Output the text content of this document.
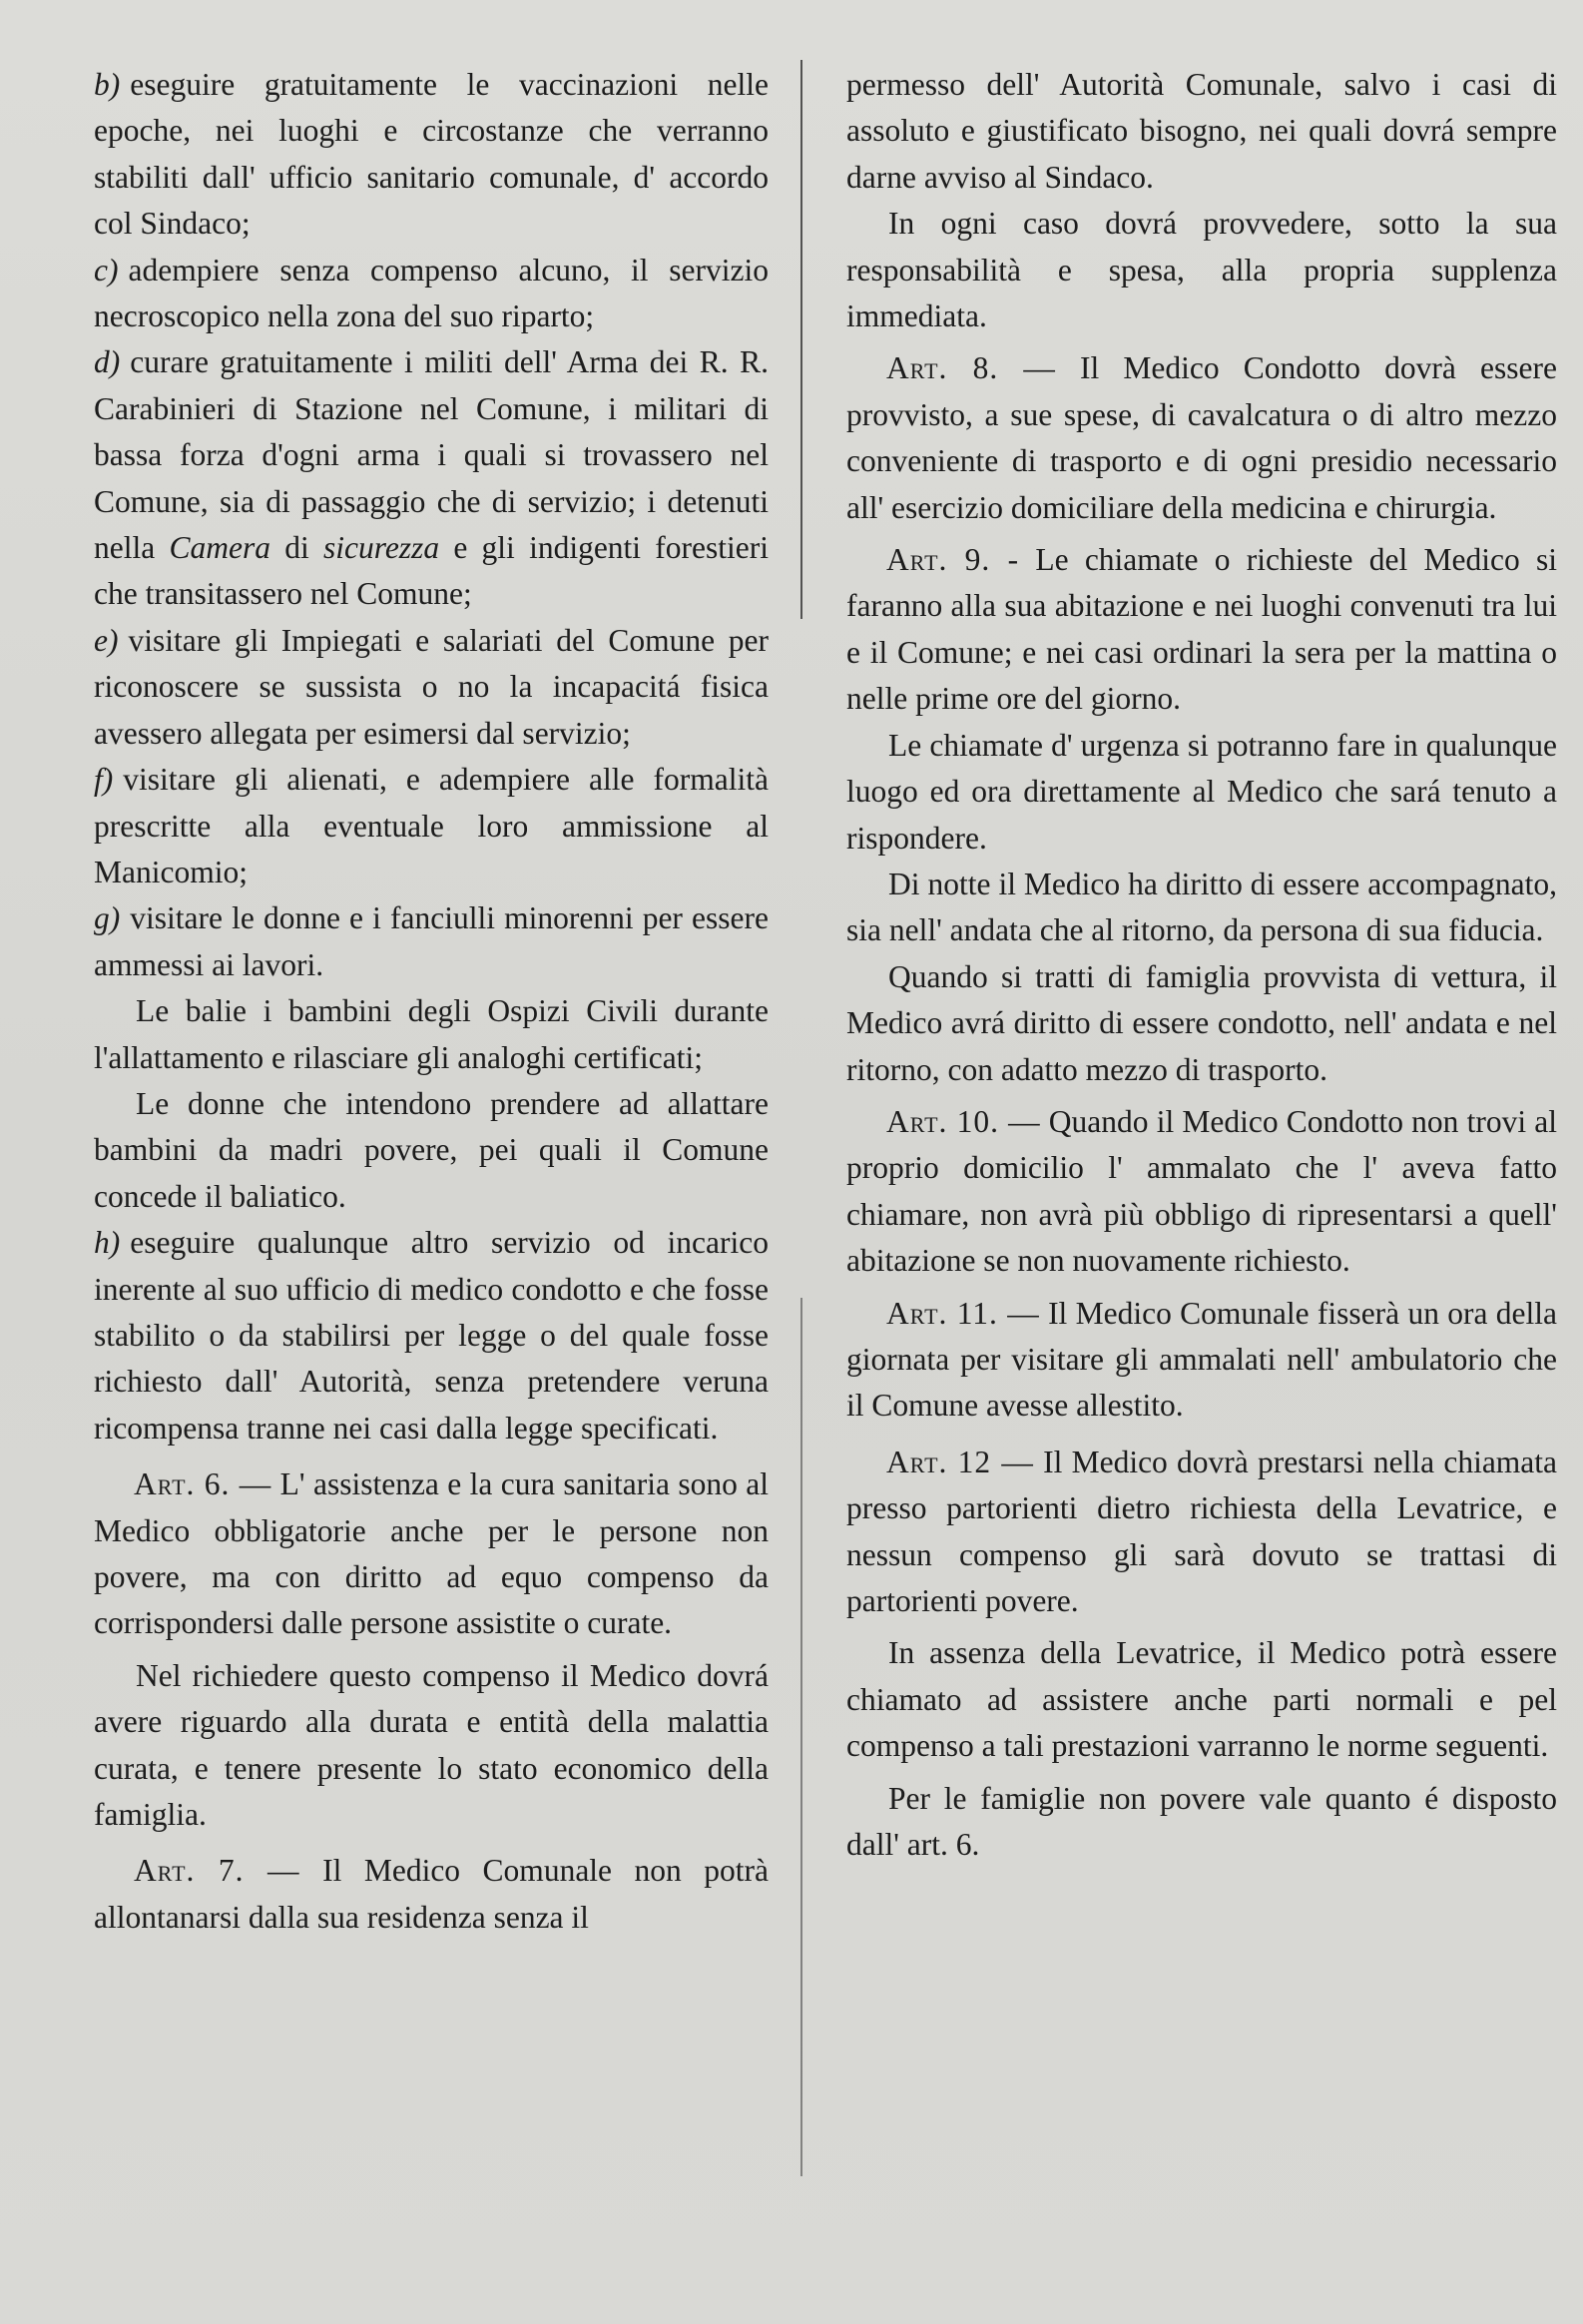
b) eseguire gratuitamente le vaccinazioni nelle epoche, nei luoghi e circostanze che verranno stabiliti dall' ufficio sanitario comunale, d' accordo col Sindaco;

c) adempiere senza compenso alcuno, il servizio necroscopico nella zona del suo riparto;

d) curare gratuitamente i militi dell' Arma dei R. R. Carabinieri di Stazione nel Comune, i militari di bassa forza d'ogni arma i quali si trovassero nel Comune, sia di passaggio che di servizio; i detenuti nella Camera di sicurezza e gli indigenti forestieri che transitassero nel Comune;

e) visitare gli Impiegati e salariati del Comune per riconoscere se sussista o no la incapacitá fisica avessero allegata per esimersi dal servizio;

f) visitare gli alienati, e adempiere alle formalità prescritte alla eventuale loro ammissione al Manicomio;

g) visitare le donne e i fanciulli minorenni per essere ammessi ai lavori.

Le balie i bambini degli Ospizi Civili durante l'allattamento e rilasciare gli analoghi certificati;

Le donne che intendono prendere ad allattare bambini da madri povere, pei quali il Comune concede il baliatico.

h) eseguire qualunque altro servizio od incarico inerente al suo ufficio di medico condotto e che fosse stabilito o da stabilirsi per legge o del quale fosse richiesto dall' Autorità, senza pretendere veruna ricompensa tranne nei casi dalla legge specificati.

Art. 6. — L' assistenza e la cura sanitaria sono al Medico obbligatorie anche per le persone non povere, ma con diritto ad equo compenso da corrispondersi dalle persone assistite o curate.

Nel richiedere questo compenso il Medico dovrá avere riguardo alla durata e entità della malattia curata, e tenere presente lo stato economico della famiglia.

Art. 7. — Il Medico Comunale non potrà allontanarsi dalla sua residenza senza il

permesso dell' Autorità Comunale, salvo i casi di assoluto e giustificato bisogno, nei quali dovrá sempre darne avviso al Sindaco.

In ogni caso dovrá provvedere, sotto la sua responsabilità e spesa, alla propria supplenza immediata.

Art. 8. — Il Medico Condotto dovrà essere provvisto, a sue spese, di cavalcatura o di altro mezzo conveniente di trasporto e di ogni presidio necessario all' esercizio domiciliare della medicina e chirurgia.

Art. 9. - Le chiamate o richieste del Medico si faranno alla sua abitazione e nei luoghi convenuti tra lui e il Comune; e nei casi ordinari la sera per la mattina o nelle prime ore del giorno.

Le chiamate d' urgenza si potranno fare in qualunque luogo ed ora direttamente al Medico che sará tenuto a rispondere.

Di notte il Medico ha diritto di essere accompagnato, sia nell' andata che al ritorno, da persona di sua fiducia.

Quando si tratti di famiglia provvista di vettura, il Medico avrá diritto di essere condotto, nell' andata e nel ritorno, con adatto mezzo di trasporto.

Art. 10. — Quando il Medico Condotto non trovi al proprio domicilio l' ammalato che l' aveva fatto chiamare, non avrà più obbligo di ripresentarsi a quell' abitazione se non nuovamente richiesto.

Art. 11. — Il Medico Comunale fisserà un ora della giornata per visitare gli ammalati nell' ambulatorio che il Comune avesse allestito.

Art. 12 — Il Medico dovrà prestarsi nella chiamata presso partorienti dietro richiesta della Levatrice, e nessun compenso gli sarà dovuto se trattasi di partorienti povere.

In assenza della Levatrice, il Medico potrà essere chiamato ad assistere anche parti normali e pel compenso a tali prestazioni varranno le norme seguenti.

Per le famiglie non povere vale quanto é disposto dall' art. 6.
